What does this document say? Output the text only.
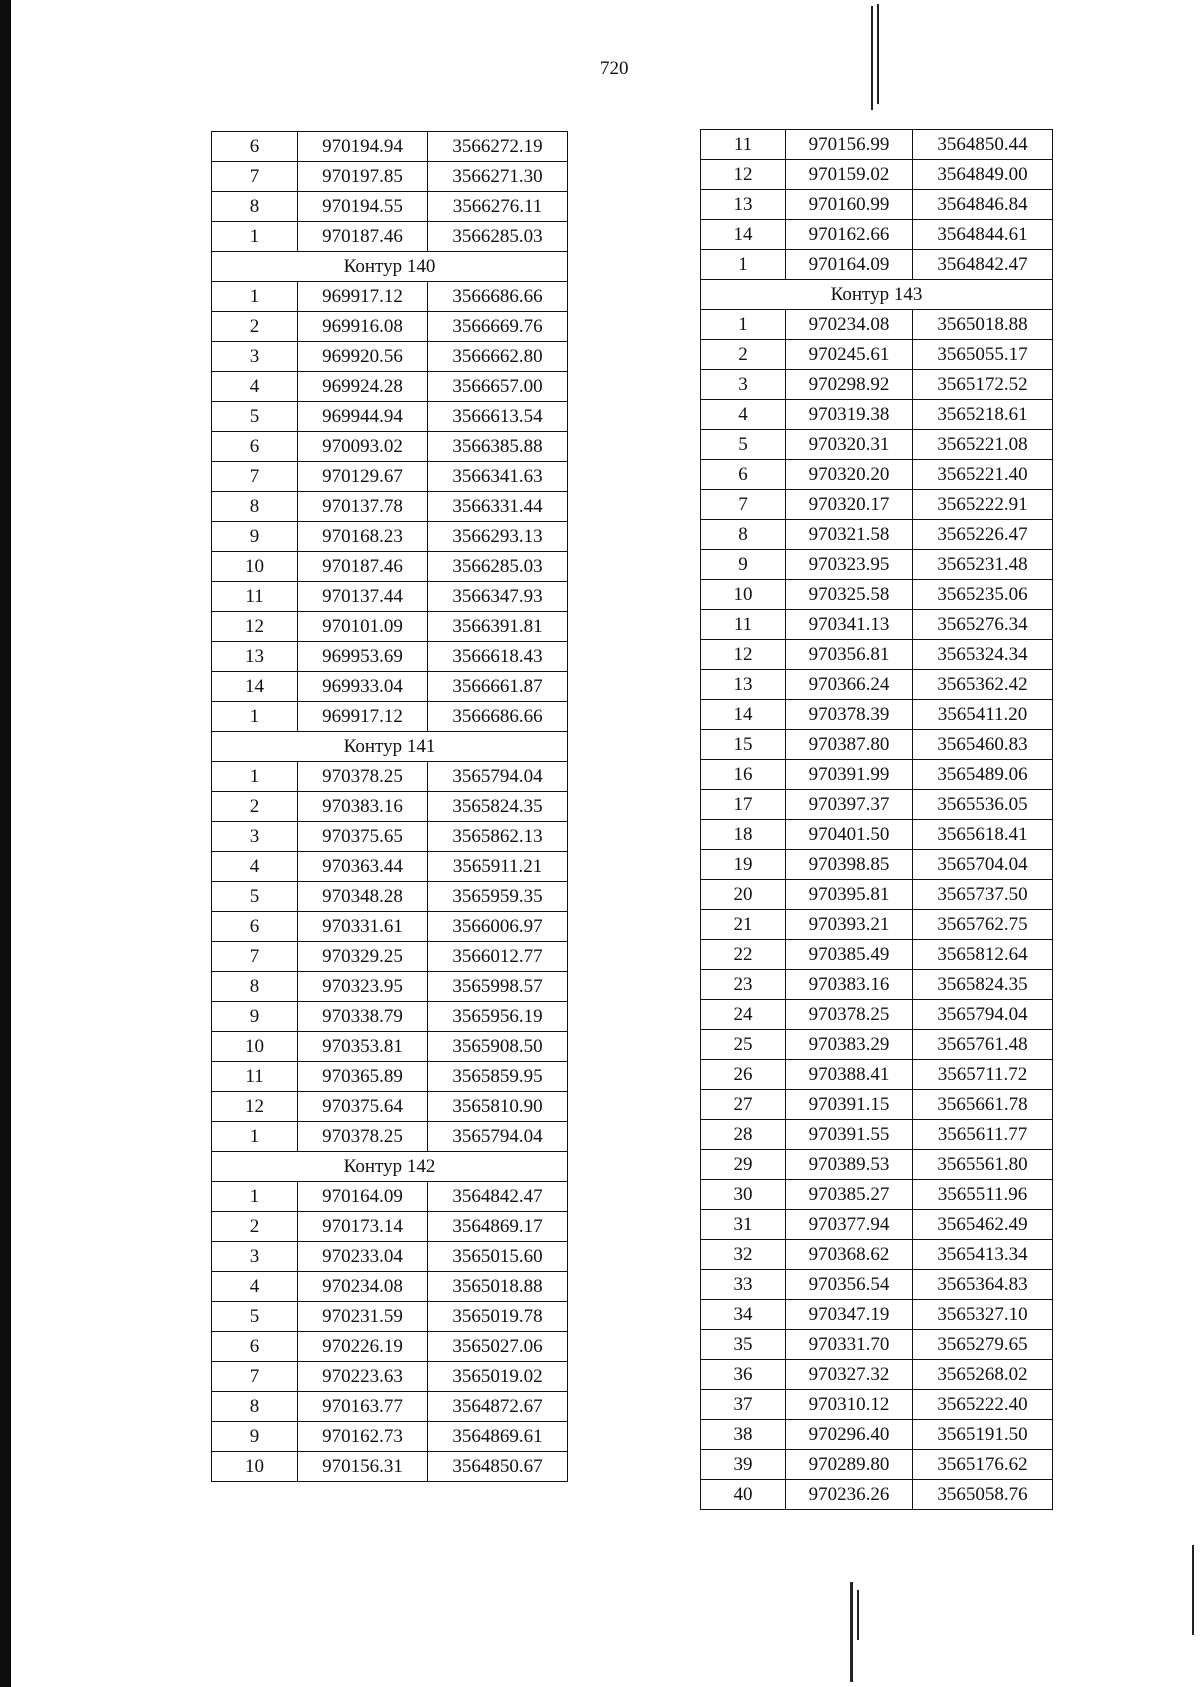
720
6	970194.94	3566272.19
7	970197.85	3566271.30
8	970194.55	3566276.11
1	970187.46	3566285.03
Контур 140		
1	969917.12	3566686.66
2	969916.08	3566669.76
3	969920.56	3566662.80
4	969924.28	3566657.00
5	969944.94	3566613.54
6	970093.02	3566385.88
7	970129.67	3566341.63
8	970137.78	3566331.44
9	970168.23	3566293.13
10	970187.46	3566285.03
11	970137.44	3566347.93
12	970101.09	3566391.81
13	969953.69	3566618.43
14	969933.04	3566661.87
1	969917.12	3566686.66
Контур 141		
1	970378.25	3565794.04
2	970383.16	3565824.35
3	970375.65	3565862.13
4	970363.44	3565911.21
5	970348.28	3565959.35
6	970331.61	3566006.97
7	970329.25	3566012.77
8	970323.95	3565998.57
9	970338.79	3565956.19
10	970353.81	3565908.50
11	970365.89	3565859.95
12	970375.64	3565810.90
1	970378.25	3565794.04
Контур 142		
1	970164.09	3564842.47
2	970173.14	3564869.17
3	970233.04	3565015.60
4	970234.08	3565018.88
5	970231.59	3565019.78
6	970226.19	3565027.06
7	970223.63	3565019.02
8	970163.77	3564872.67
9	970162.73	3564869.61
10	970156.31	3564850.67
11	970156.99	3564850.44
12	970159.02	3564849.00
13	970160.99	3564846.84
14	970162.66	3564844.61
1	970164.09	3564842.47
Контур 143		
1	970234.08	3565018.88
2	970245.61	3565055.17
3	970298.92	3565172.52
4	970319.38	3565218.61
5	970320.31	3565221.08
6	970320.20	3565221.40
7	970320.17	3565222.91
8	970321.58	3565226.47
9	970323.95	3565231.48
10	970325.58	3565235.06
11	970341.13	3565276.34
12	970356.81	3565324.34
13	970366.24	3565362.42
14	970378.39	3565411.20
15	970387.80	3565460.83
16	970391.99	3565489.06
17	970397.37	3565536.05
18	970401.50	3565618.41
19	970398.85	3565704.04
20	970395.81	3565737.50
21	970393.21	3565762.75
22	970385.49	3565812.64
23	970383.16	3565824.35
24	970378.25	3565794.04
25	970383.29	3565761.48
26	970388.41	3565711.72
27	970391.15	3565661.78
28	970391.55	3565611.77
29	970389.53	3565561.80
30	970385.27	3565511.96
31	970377.94	3565462.49
32	970368.62	3565413.34
33	970356.54	3565364.83
34	970347.19	3565327.10
35	970331.70	3565279.65
36	970327.32	3565268.02
37	970310.12	3565222.40
38	970296.40	3565191.50
39	970289.80	3565176.62
40	970236.26	3565058.76
